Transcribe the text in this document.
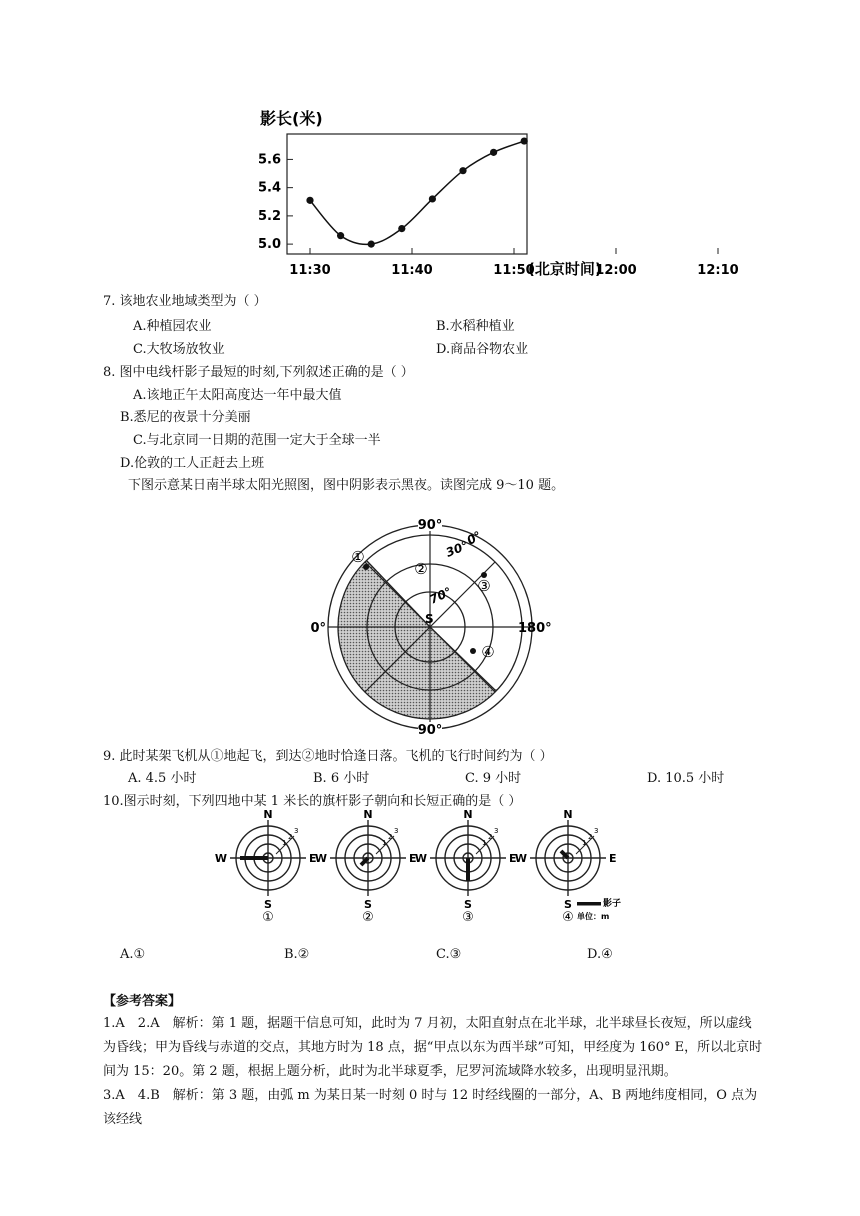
影长(米)
5.0
5.2
5.4
5.6
11:30	11:40	11:50	12:00	12:10
(北京时间)
7. 该地农业地域类型为（ ）
A.种植园农业	B.水稻种植业
C.大牧场放牧业	D.商品谷物农业
8. 图中电线杆影子最短的时刻,下列叙述正确的是（ ）
A.该地正午太阳高度达一年中最大值
B.悉尼的夜景十分美丽
C.与北京同一日期的范围一定大于全球一半
D.伦敦的工人正赶去上班
下图示意某日南半球太阳光照图，图中阴影表示黑夜。读图完成 9～10 题。
90°
90°
0°	180°
30°
0°
70°
S
①
②
③
④
9. 此时某架飞机从①地起飞，到达②地时恰逢日落。飞机的飞行时间约为（ ）
A. 4.5 小时	B. 6 小时	C. 9 小时	D. 10.5 小时
10.图示时刻，下列四地中某 1 米长的旗杆影子朝向和长短正确的是（ ）
N
S
W	E
1
2
3
①
N
S
W	E
1
2
3
②
N
S
W	E
1
2
3
③
N
S
W	E
1
2
3
④
影子
单位：m
A.①	B.②	C.③	D.④
【参考答案】
1.A　2.A　解析：第 1 题，据题干信息可知，此时为 7 月初，太阳直射点在北半球，北半球昼长夜短，所以虚线为昏线；甲为昏线与赤道的交点，其地方时为 18 点，据“甲点以东为西半球”可知，甲经度为 160° E，所以北京时间为 15：20。第 2 题，根据上题分析，此时为北半球夏季，尼罗河流域降水较多，出现明显汛期。
3.A　4.B　解析：第 3 题，由弧 m 为某日某一时刻 0 时与 12 时经线圈的一部分，A、B 两地纬度相同，O 点为该经线
